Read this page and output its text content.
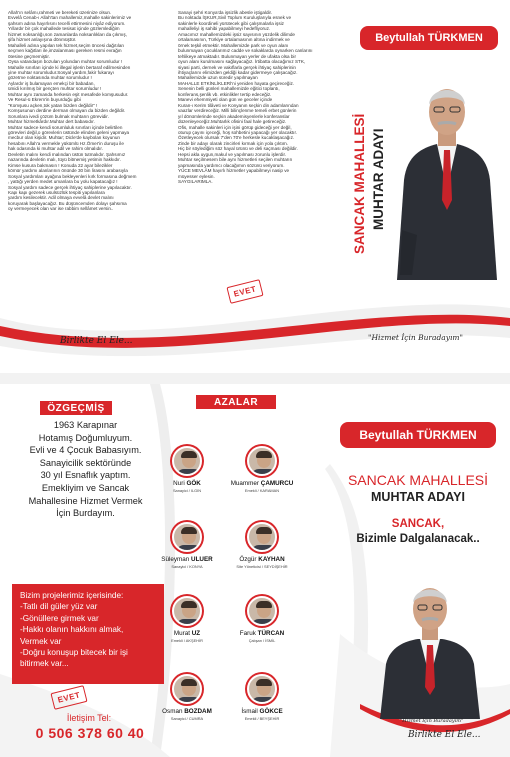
Allah'ın selâmı,rahmeti ve bereketi üzerinize olsun.
Evvelâ Cenab-ı Allah'tan mahallemiz,mahalle sakinlerimiz ve
şahsım adına hayırlısını tecelli ettirmesini niyâz ediyorum.
Yıllardır bir çok mahallede tesisat içinde gözlemlediğim
hizmet noksanlığı,son zamanlarda noksanlıkları da çıkmış,
şifa hizmet anlayışına dönmüştür.
Mahalleli adına yapılan tek hizmet,seçim öncesi dağıtılan
seçmen kağıtları ile,imzalanması gereken resmi evrağın
ötesine geçmemiştir.
Oysa vatandaşın bozulan yolundan muhtar sorumludur !
Mahalle sınırları içinde ki illegal işlerin bertaraf edilmesinden
yine muhtar sorumludur.Sosyal yardım,fakir fukarayı
gözetme noktasında muhtar sorumludur !
Aylardır iş bulamayan emekçi bir babadan,
ümidi kırılmış bir gençten muhtar sorumludur !
Muhtar aynı zamanda herkesin eşit mesafede komşusudur.
Ve Resul-ü Ekrem'in buyurduğu gibi
"Komşusu açken,tok yatan bizden değildir" !
Komşusunun derdine derman olmayan da bizden değildir.
Sorunlara ivedi çözüm bulmak muhtarın görevidir.
Muhtar hizmetkârdır.Muhtar dert babasıdır.
Muhtar sadece kendi sorumluluk sınırları içinde belirtilen
görevleri değil,o görevlerin üstünde elinden geleni yapmaya
mecbur olan kişidir. Muhtar; Dicle'de kaybolan koyunun
hesabını Allah'a vermekle yükümlü Hz.Ömer'in duruşu ile
hak odasında ki muhtar adil ve rahim olmalıdır.
Devletin malını kendi malından üstün tutmalıdır. Şahsımız
nazarında devletin malı, tüyü bitmemiş yetimin hakkıdır.
Kimse kusura bakmasın ! Konuda 22 ayar bilezikler
kömür yardımı alanlarının önünde 30 bin lirasını arabasıyla
Sosyal yardımları ayağına bekleyenleri kırk formasına değmem
, yattığı yerden medet umanlara bu yolu kapatacağız !
Sosyal yardım sadece gerçek ihtiyaç sahiplerine yapılacaktır.
Kapı kapı gezerek usulsüzlük tespiti yapılanlara
yardım kesilecektir. Adil olmaya evvelâ devlet malını
koruyarak başlayacağız. Bu düşüncemden dolayı şahsıma
oy vermeyecek olan var ise rabbim sellâmet versin..
Sanayi şehri Konya'da işsizlik abesle iştigaldir.
Bu noktada İŞKUR,Sivil Toplum Kuruluşlarıyla esnek ve
sakinlerle koordineli yürütecek gibi çalışmalarla işsiz
mahalleliyi iş sahibi yapabilmeyi hedefliyoruz.
Amacımız mahallemizdeki işsiz sayısının yüzdelik dilimde
ortalamasının, Türkiye ortalamasının altına indirmek ve
örnek teşkil etmektir. Mahallemizde park ve oyun alanı
bulunmayan çocuklarımız cadde ve sokaklarda oynarken canlarını
tehlikeye atmaktadır. Bulunmayan yerler de ufakta olsa bir
oyun alanı kurulmasını sağlayacağız. İrtibatta olacağımız STK,
siyasi parti, dernek ve vakıflarla gerçek ihtiyaç sahiplerinin
ihtiyaçlarını elimizden geldiği kadar gidermeye çalışacağız.
Mahallemizde uzun süredir yapılmayan
MAHALLE ETKİNLİKLERİ'ni yeniden hayata geçireceğiz.
Senenin belli günleri mahallemizde eğitici toplantı,
konferans,şenlik vb. etkinlikler tertip edeceğiz.
Manevi ehemmiyeti olan gün ve geceler içinde
Kuran-ı Kerim tilâveti ve Konyanın seçkin din adamlarından
vaazlar verdireceğiz. Milli bilinçlenme temeli erbet günlerin
yıl dönümlerinde seçkin akademisyenlerle konferanslar
düzenleyeceğiz.Muhtarlık ofisini faal hale getireceğiz.
Ofis, mahalle sakinleri için işini görüp gideceği yer değil,
oturup çayını içeceği, hoş sohbetini yapacağı yer olacaktır.
Özetleyecek olursak 7'den 70'e herkesle kucaklaşacağız.
Zinde bir adayı olarak zincirleri kırmak için yola çıktım.
Hiç bir söylediğim söz hayal ürünü ve deli saçması değildir.
Hepsi akla uygun,makul ve yapılması zorunlu işlerdir.
Muhtar seçilmesem bile aynı hizmetleri seçilen muhtarın
yapmasında yardımcı olacağımın sözünü veriyorum.
YÜCE MEVLÂM hayırlı hizmetler yapabilmeyi nasip ve
müyesser eylesin.
SAYGILARIMLA.
EVET
Birlikte El Ele...	"Hizmet İçin Buradayım"
Beytullah
TÜRKMEN
SANCAK MAHALLESİ MUHTAR ADAYI
ÖZGEÇMİŞ
AZALAR
1963 Karapınar
Hotamış Doğumluyum.
Evli ve 4 Çocuk Babasıyım.
Sanayicilik sektöründe
30 yıl Esnaflık yaptım.
Emekliyim ve Sancak
Mahallesine Hizmet Vermek
İçin Burdayım.
Bizim projelerimiz içerisinde:
-Tatlı dil güler yüz var
-Gönüllere girmek var
-Hakkı olanın hakkını almak,
Vermek var
-Doğru konuşup bitecek bir işi
bitirmek var...
EVET
İletişim Tel:
0 506 378 60 40
Nuri GÖK
Sanayici / ILGIN
Muammer ÇAMURCU
Emekli / KARAMAN
Süleyman ULUER
Sanayici / KONYA
Özgür KAYHAN
Site Yöneticisi / SEYDİŞEHİR
Murat UZ
Emekli / AKŞEHİR
Faruk TÜRCAN
Çalışan / İSMİL
Osman BOZDAM
Sanayici / CUMRA
İsmail GÖKCE
Emekli / BEYŞEHİR
Beytullah
TÜRKMEN
SANCAK MAHALLESİ
MUHTAR ADAYI
SANCAK,
Bizimle Dalgalanacak..
"Hizmet İçin Buradayım"
Birlikte El Ele...
